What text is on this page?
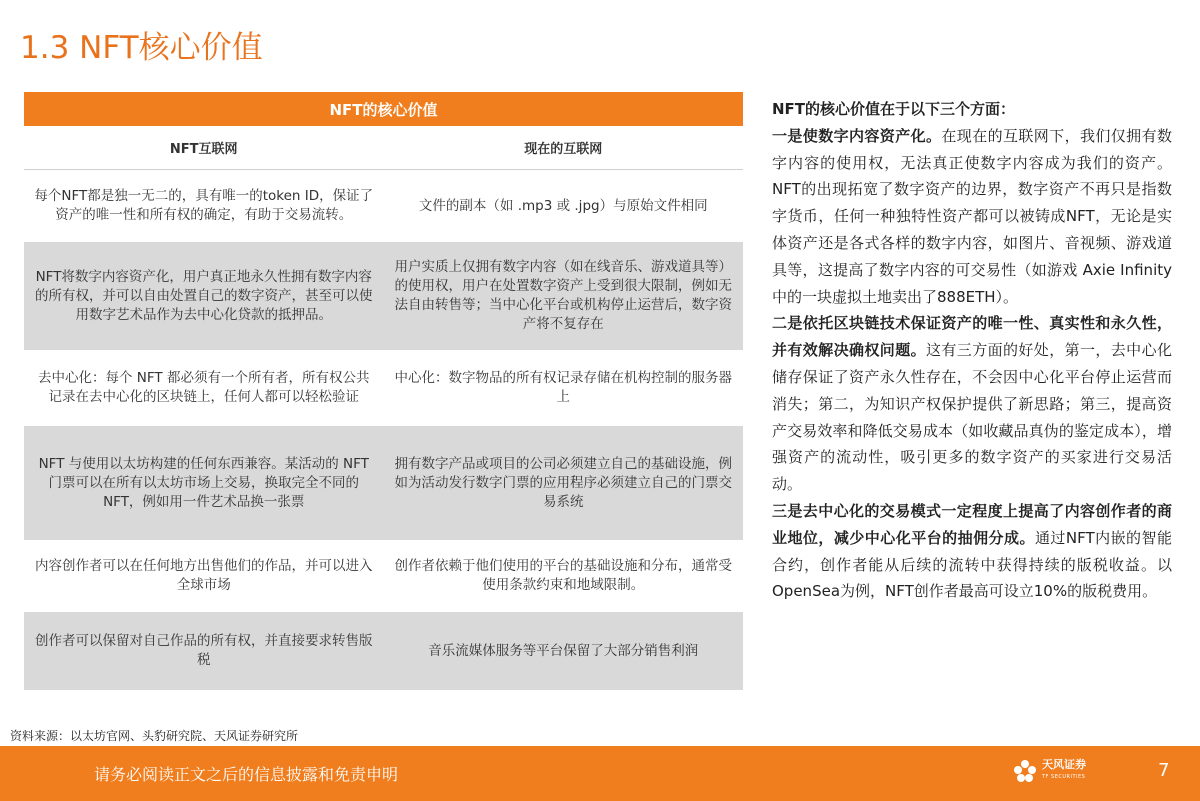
1.3 NFT核心价值
NFT的核心价值
NFT互联网	现在的互联网
每个NFT都是独一无二的，具有唯一的token ID，保证了资产的唯一性和所有权的确定，有助于交易流转。
文件的副本（如 .mp3 或 .jpg）与原始文件相同
NFT将数字内容资产化，用户真正地永久性拥有数字内容的所有权，并可以自由处置自己的数字资产，甚至可以使用数字艺术品作为去中心化贷款的抵押品。
用户实质上仅拥有数字内容（如在线音乐、游戏道具等）的使用权，用户在处置数字资产上受到很大限制，例如无法自由转售等；当中心化平台或机构停止运营后，数字资产将不复存在
去中心化：每个 NFT 都必须有一个所有者，所有权公共记录在去中心化的区块链上，任何人都可以轻松验证
中心化：数字物品的所有权记录存储在机构控制的服务器上
NFT 与使用以太坊构建的任何东西兼容。某活动的 NFT 门票可以在所有以太坊市场上交易，换取完全不同的 NFT，例如用一件艺术品换一张票
拥有数字产品或项目的公司必须建立自己的基础设施，例如为活动发行数字门票的应用程序必须建立自己的门票交易系统
内容创作者可以在任何地方出售他们的作品，并可以进入全球市场
创作者依赖于他们使用的平台的基础设施和分布，通常受使用条款约束和地域限制。
创作者可以保留对自己作品的所有权，并直接要求转售版税
音乐流媒体服务等平台保留了大部分销售利润
资料来源：以太坊官网、头豹研究院、天风证券研究所
NFT的核心价值在于以下三个方面：
一是使数字内容资产化。在现在的互联网下，我们仅拥有数字内容的使用权，无法真正使数字内容成为我们的资产。NFT的出现拓宽了数字资产的边界，数字资产不再只是指数字货币，任何一种独特性资产都可以被铸成NFT，无论是实体资产还是各式各样的数字内容，如图片、音视频、游戏道具等，这提高了数字内容的可交易性（如游戏 Axie Infinity 中的一块虚拟土地卖出了888ETH）。
二是依托区块链技术保证资产的唯一性、真实性和永久性，并有效解决确权问题。这有三方面的好处，第一，去中心化储存保证了资产永久性存在，不会因中心化平台停止运营而消失；第二，为知识产权保护提供了新思路；第三，提高资产交易效率和降低交易成本（如收藏品真伪的鉴定成本），增强资产的流动性，吸引更多的数字资产的买家进行交易活动。
三是去中心化的交易模式一定程度上提高了内容创作者的商业地位，减少中心化平台的抽佣分成。通过NFT内嵌的智能合约，创作者能从后续的流转中获得持续的版税收益。以OpenSea为例，NFT创作者最高可设立10%的版税费用。
请务必阅读正文之后的信息披露和免责申明
天风证券
TF SECURITIES	7
